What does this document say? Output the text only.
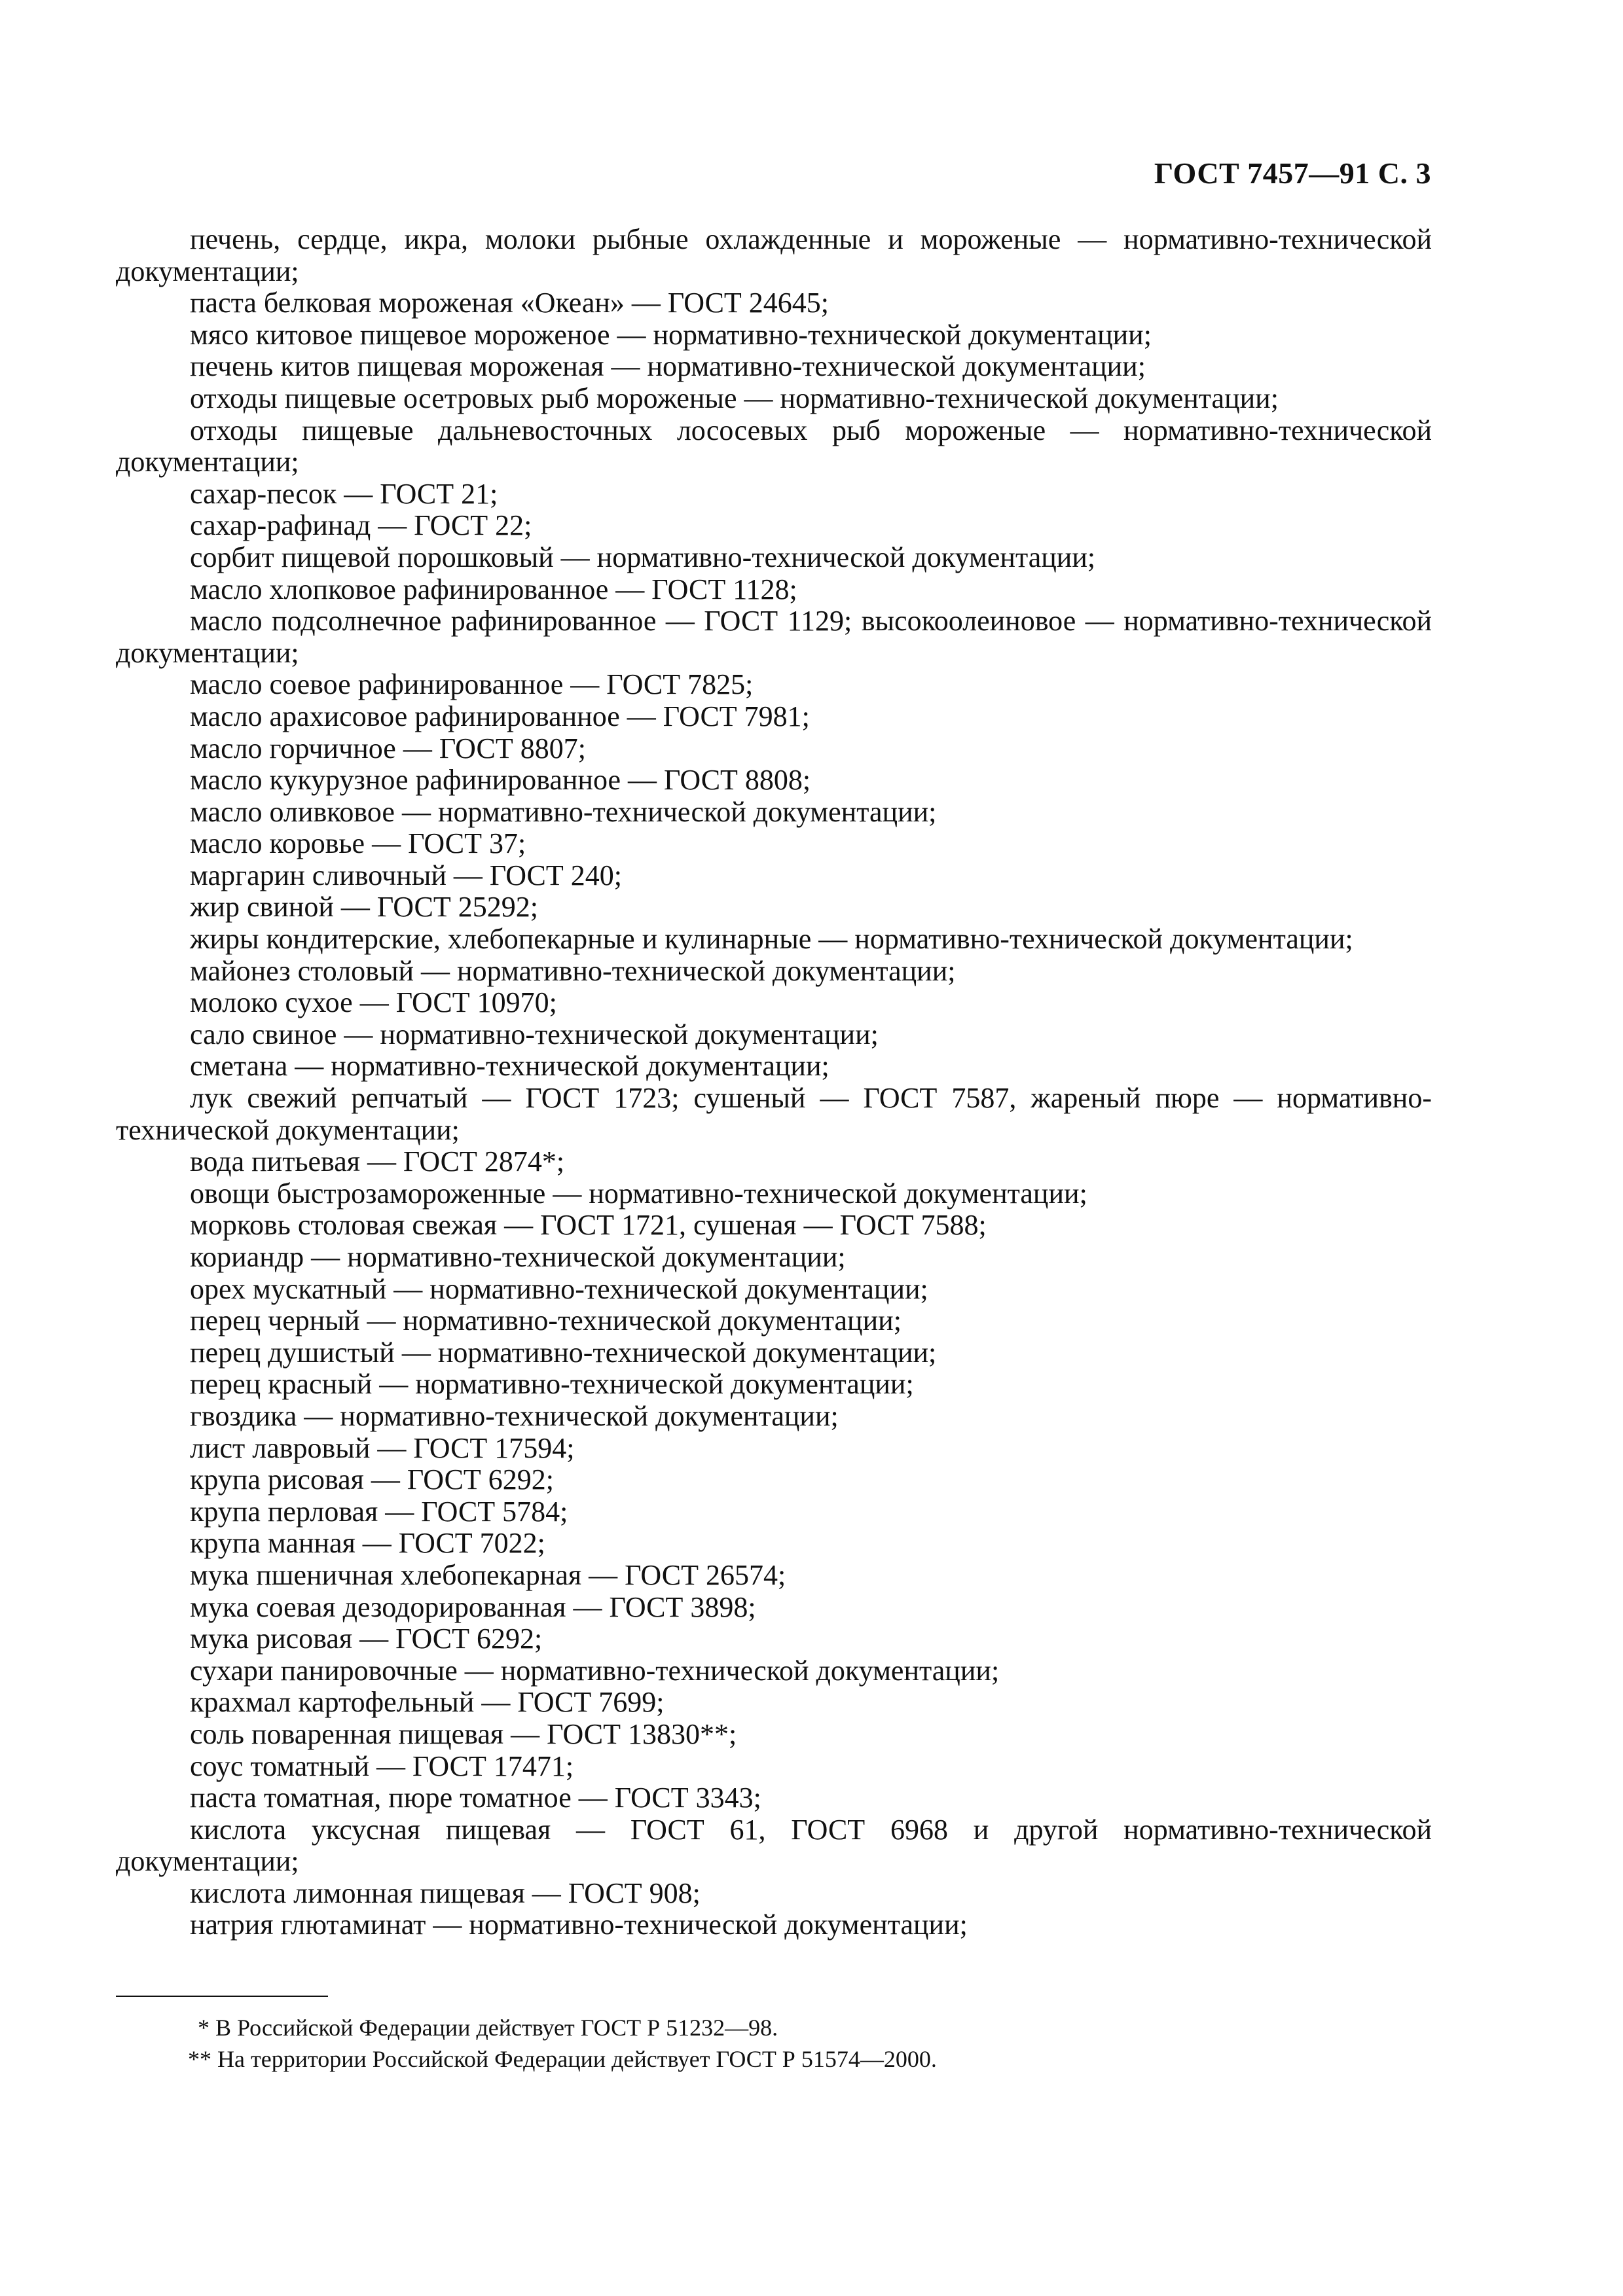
ГОСТ 7457—91 С. 3

печень, сердце, икра, молоки рыбные охлажденные и мороженые — нормативно-технической документации;

паста белковая мороженая «Океан» — ГОСТ 24645;

мясо китовое пищевое мороженое — нормативно-технической документации;

печень китов пищевая мороженая — нормативно-технической документации;

отходы пищевые осетровых рыб мороженые — нормативно-технической документации;

отходы пищевые дальневосточных лососевых рыб мороженые — нормативно-технической документации;

сахар-песок — ГОСТ 21;

сахар-рафинад — ГОСТ 22;

сорбит пищевой порошковый — нормативно-технической документации;

масло хлопковое рафинированное — ГОСТ 1128;

масло подсолнечное рафинированное — ГОСТ 1129; высокоолеиновое — нормативно-технической документации;

масло соевое рафинированное — ГОСТ 7825;

масло арахисовое рафинированное — ГОСТ 7981;

масло горчичное — ГОСТ 8807;

масло кукурузное рафинированное — ГОСТ 8808;

масло оливковое — нормативно-технической документации;

масло коровье — ГОСТ 37;

маргарин сливочный — ГОСТ 240;

жир свиной — ГОСТ 25292;

жиры кондитерские, хлебопекарные и кулинарные — нормативно-технической документации;

майонез столовый — нормативно-технической документации;

молоко сухое — ГОСТ 10970;

сало свиное — нормативно-технической документации;

сметана — нормативно-технической документации;

лук свежий репчатый — ГОСТ 1723; сушеный — ГОСТ 7587, жареный пюре — нормативно-технической документации;

вода питьевая — ГОСТ 2874*;

овощи быстрозамороженные — нормативно-технической документации;

морковь столовая свежая — ГОСТ 1721, сушеная — ГОСТ 7588;

кориандр — нормативно-технической документации;

орех мускатный — нормативно-технической документации;

перец черный — нормативно-технической документации;

перец душистый — нормативно-технической документации;

перец красный — нормативно-технической документации;

гвоздика — нормативно-технической документации;

лист лавровый — ГОСТ 17594;

крупа рисовая — ГОСТ 6292;

крупа перловая — ГОСТ 5784;

крупа манная — ГОСТ 7022;

мука пшеничная хлебопекарная — ГОСТ 26574;

мука соевая дезодорированная — ГОСТ 3898;

мука рисовая — ГОСТ 6292;

сухари панировочные — нормативно-технической документации;

крахмал картофельный — ГОСТ 7699;

соль поваренная пищевая — ГОСТ 13830**;

соус томатный — ГОСТ 17471;

паста томатная, пюре томатное — ГОСТ 3343;

кислота уксусная пищевая — ГОСТ 61, ГОСТ 6968 и другой нормативно-технической документации;

кислота лимонная пищевая — ГОСТ 908;

натрия глютаминат — нормативно-технической документации;

* В Российской Федерации действует ГОСТ Р 51232—98.

** На территории Российской Федерации действует ГОСТ Р 51574—2000.
